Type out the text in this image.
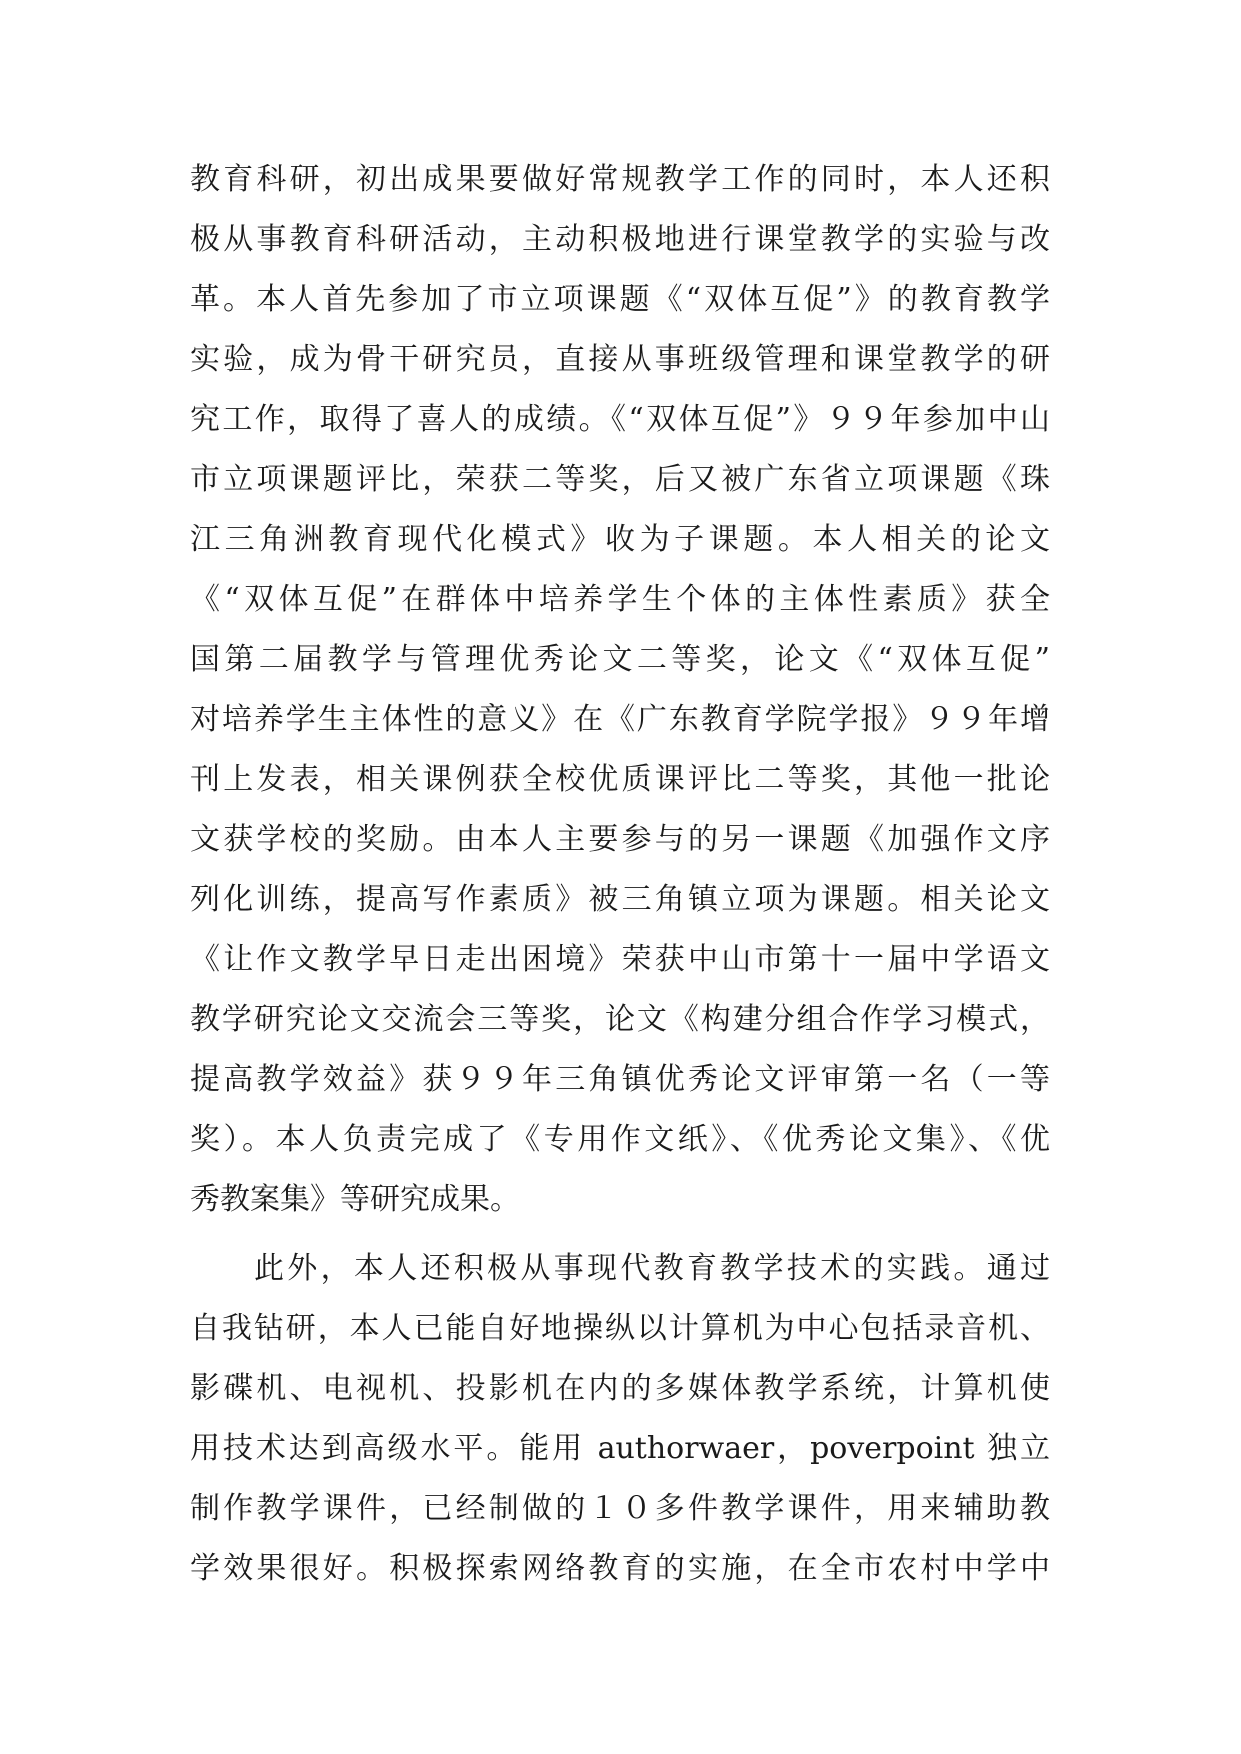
教育科研，初出成果要做好常规教学工作的同时，本人还积
极从事教育科研活动，主动积极地进行课堂教学的实验与改
革。本人首先参加了市立项课题《“双体互促”》的教育教学
实验，成为骨干研究员，直接从事班级管理和课堂教学的研
究工作，取得了喜人的成绩。《“双体互促”》９９年参加中山
市立项课题评比，荣获二等奖，后又被广东省立项课题《珠
江三角洲教育现代化模式》收为子课题。本人相关的论文
《“双体互促”在群体中培养学生个体的主体性素质》获全
国第二届教学与管理优秀论文二等奖，论文《“双体互促”
对培养学生主体性的意义》在《广东教育学院学报》９９年增
刊上发表，相关课例获全校优质课评比二等奖，其他一批论
文获学校的奖励。由本人主要参与的另一课题《加强作文序
列化训练，提高写作素质》被三角镇立项为课题。相关论文
《让作文教学早日走出困境》荣获中山市第十一届中学语文
教学研究论文交流会三等奖，论文《构建分组合作学习模式，
提高教学效益》获９９年三角镇优秀论文评审第一名（一等
奖）。本人负责完成了《专用作文纸》、《优秀论文集》、《优
秀教案集》等研究成果。
此外，本人还积极从事现代教育教学技术的实践。通过
自我钻研，本人已能自好地操纵以计算机为中心包括录音机、
影碟机、电视机、投影机在内的多媒体教学系统，计算机使
用技术达到高级水平。能用 authorwaer，poverpoint 独立
制作教学课件，已经制做的１０多件教学课件，用来辅助教
学效果很好。积极探索网络教育的实施，在全市农村中学中
